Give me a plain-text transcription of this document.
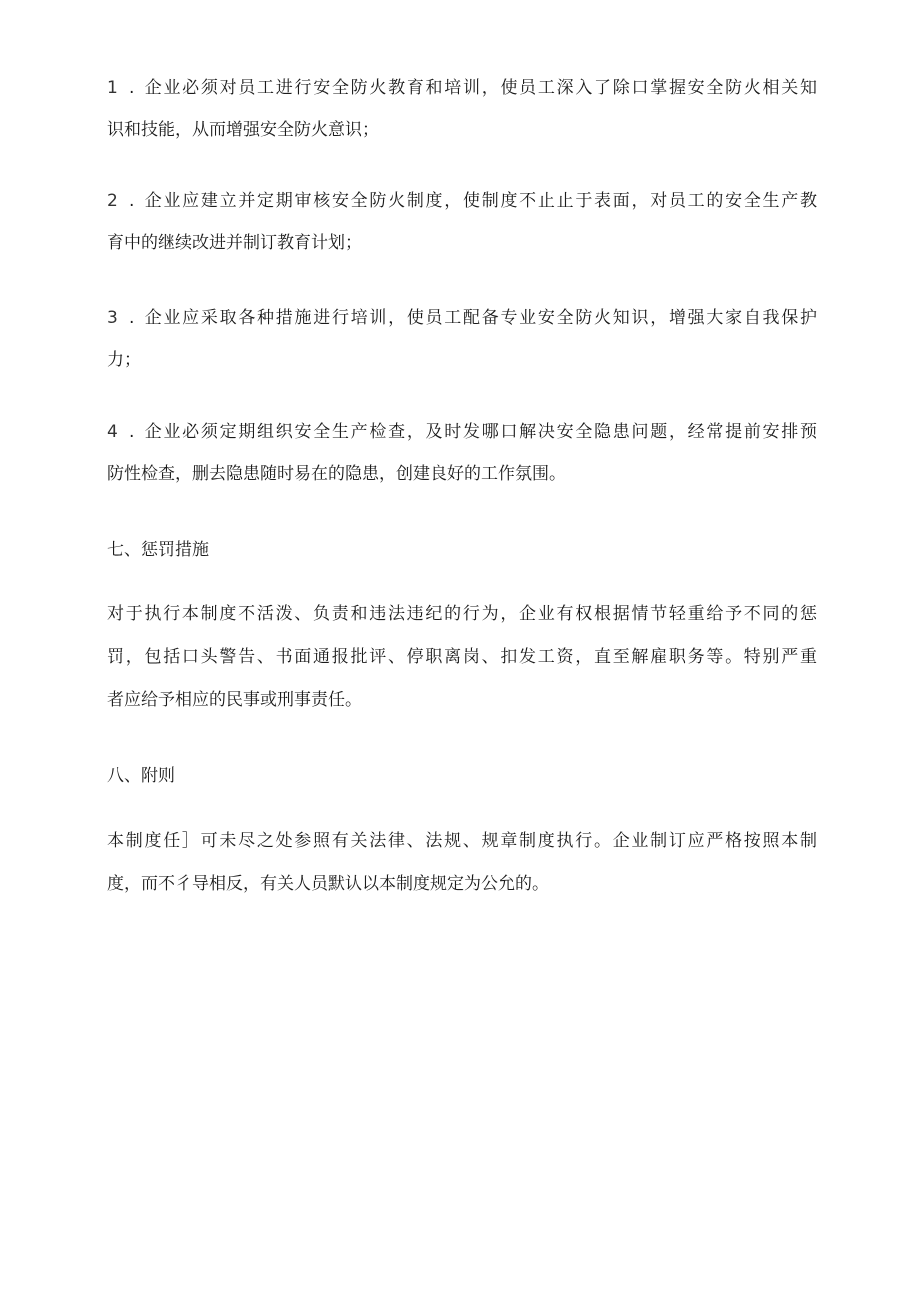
1 . 企业必须对员工进行安全防火教育和培训，使员工深入了除口掌握安全防火相关知
识和技能，从而增强安全防火意识；
2 . 企业应建立并定期审核安全防火制度，使制度不止止于表面，对员工的安全生产教
育中的继续改进并制订教育计划；
3 . 企业应采取各种措施进行培训，使员工配备专业安全防火知识，增强大家自我保护
力；
4 . 企业必须定期组织安全生产检查，及时发哪口解决安全隐患问题，经常提前安排预
防性检查，删去隐患随时易在的隐患，创建良好的工作氛围。
七、惩罚措施
对于执行本制度不活泼、负责和违法违纪的行为，企业有权根据情节轻重给予不同的惩
罚，包括口头警告、书面通报批评、停职离岗、扣发工资，直至解雇职务等。特别严重
者应给予相应的民事或刑事责任。
八、附则
本制度任］可未尽之处参照有关法律、法规、规章制度执行。企业制订应严格按照本制
度，而不彳导相反，有关人员默认以本制度规定为公允的。
